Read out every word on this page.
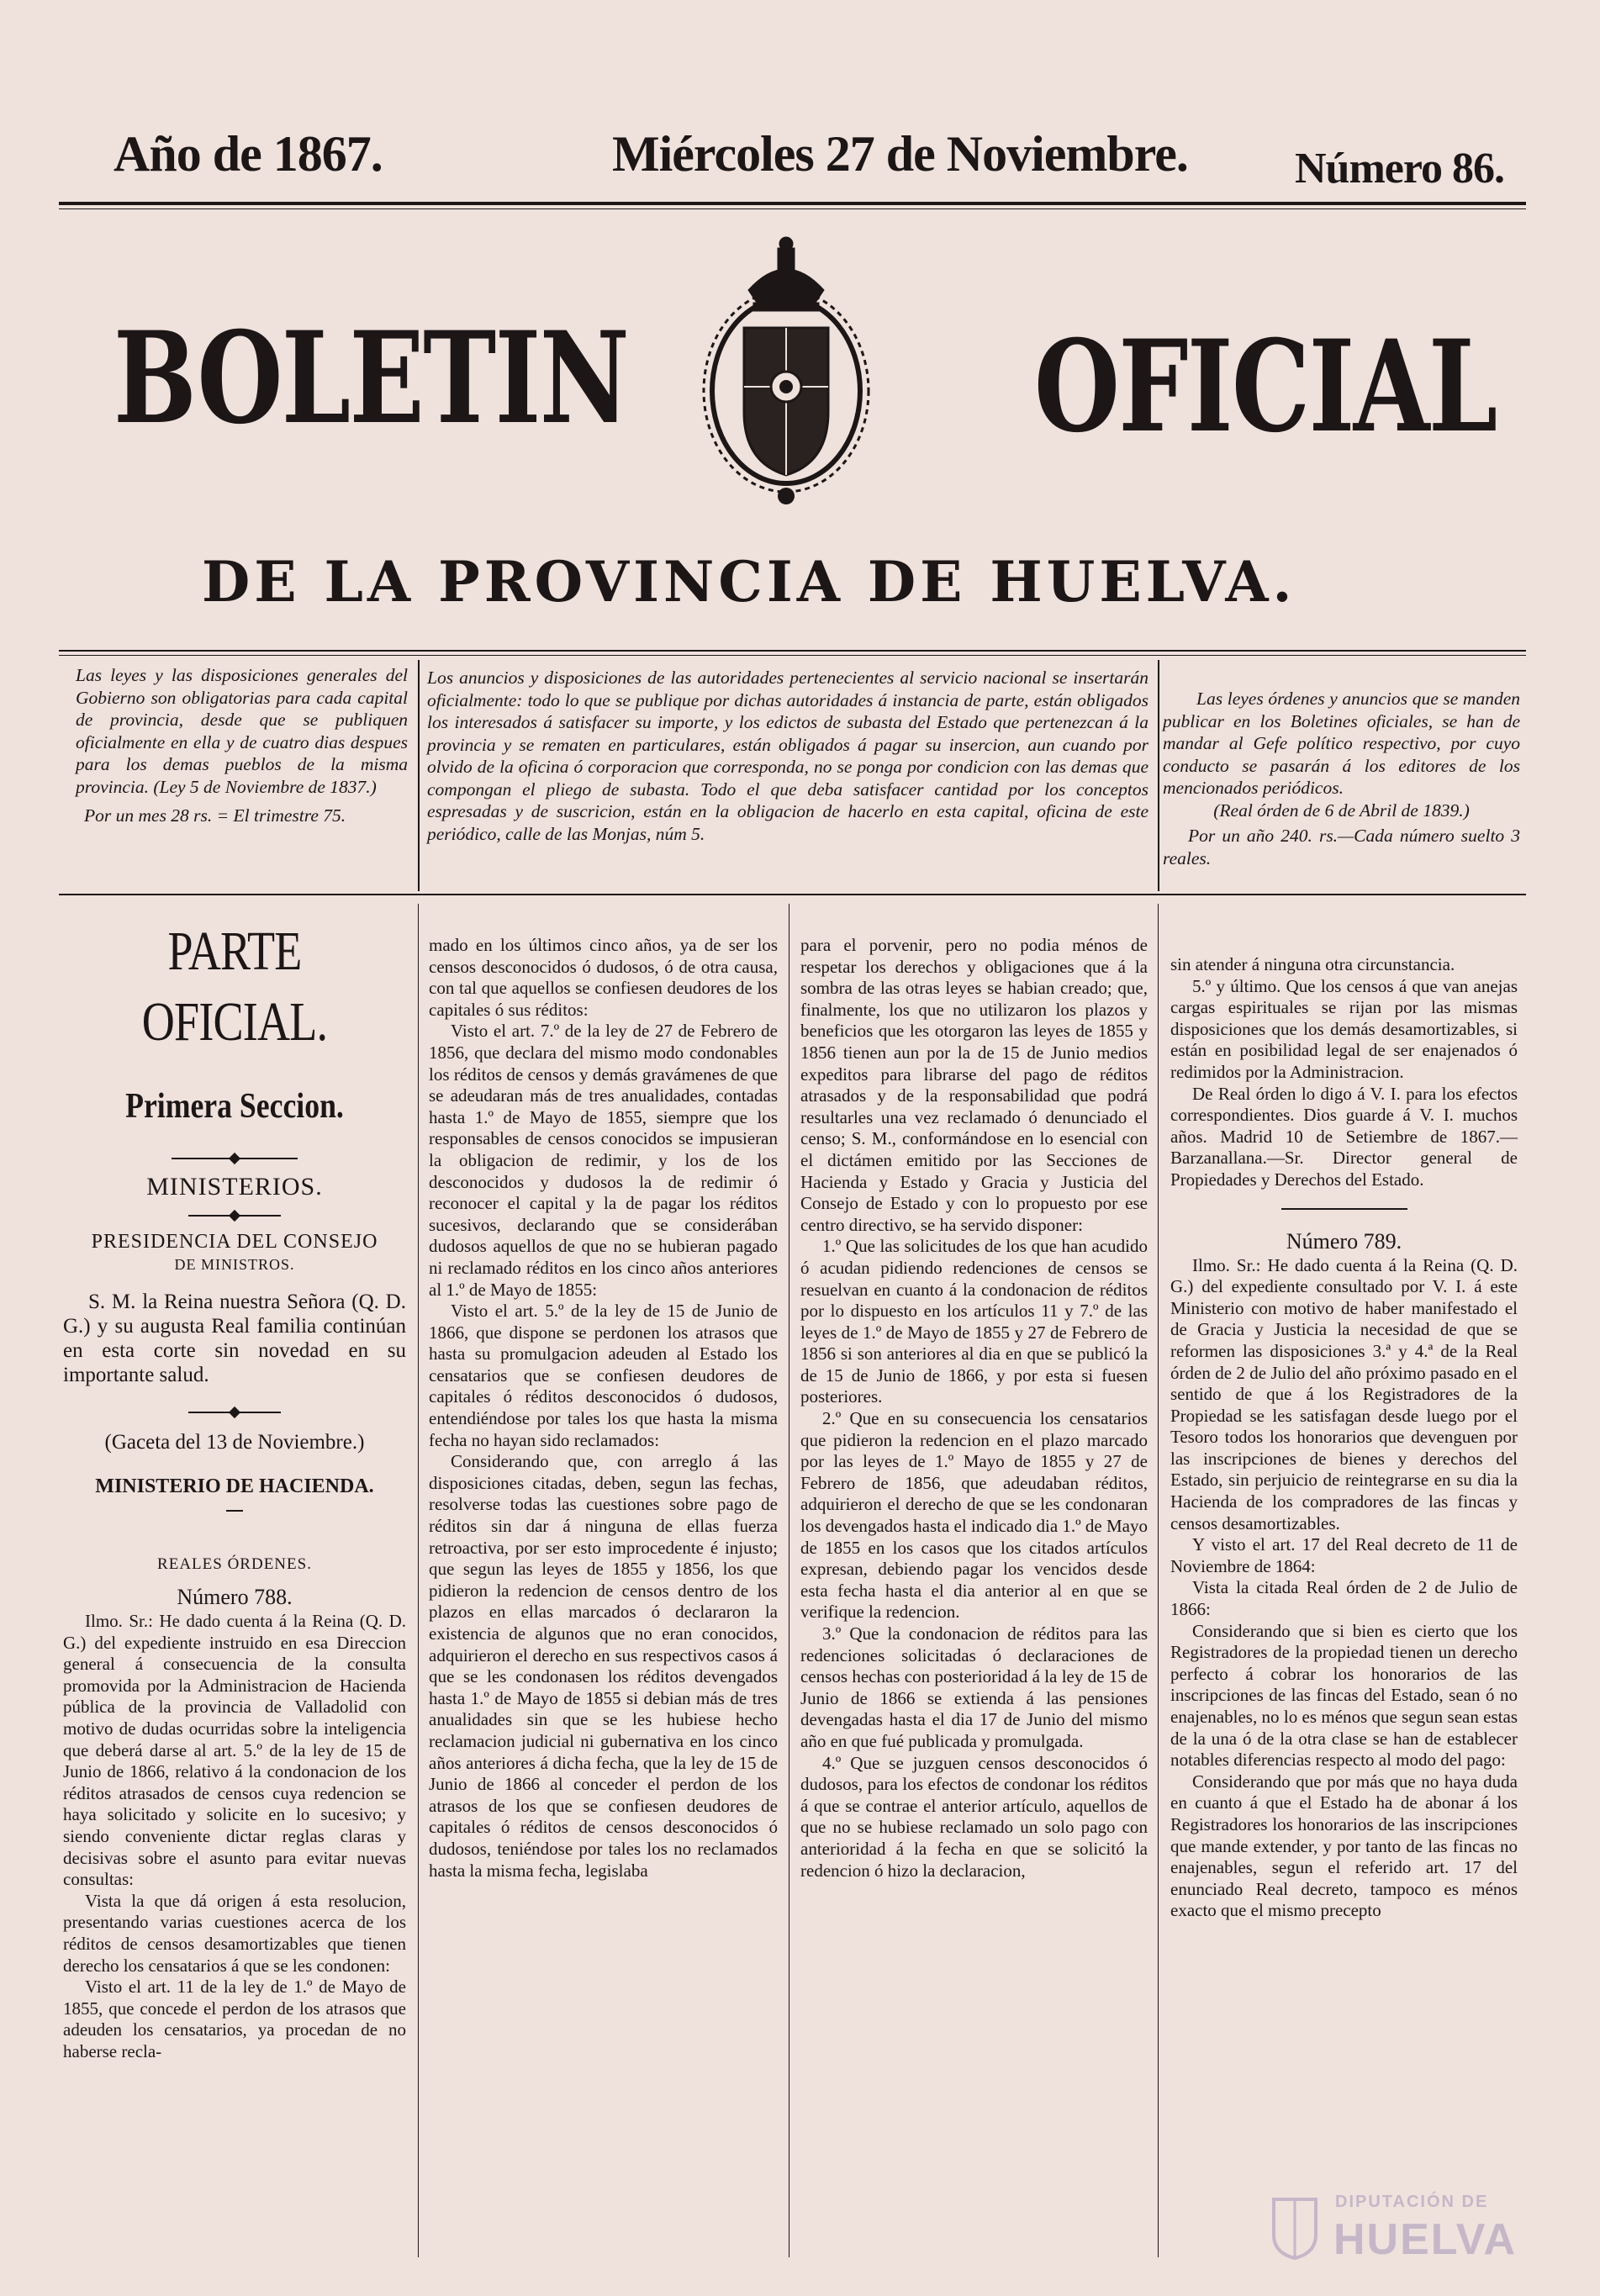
Año de 1867.	Miércoles 27 de Noviembre. Número 86.
BOLETIN	OFICIAL
DE LA PROVINCIA DE HUELVA.
Las leyes y las disposiciones generales del Gobierno son obligatorias para cada capital de provincia, desde que se publiquen oficialmente en ella y de cuatro dias despues para los demas pueblos de la misma provincia. (Ley 5 de Noviembre de 1837.)
Por un mes 28 rs. = El trimestre 75.
Los anuncios y disposiciones de las autoridades pertenecientes al servicio nacional se insertarán oficialmente: todo lo que se publique por dichas autoridades á instancia de parte, están obligados los interesados á satisfacer su importe, y los edictos de subasta del Estado que pertenezcan á la provincia y se rematen en particulares, están obligados á pagar su insercion, aun cuando por olvido de la oficina ó corporacion que corresponda, no se ponga por condicion con las demas que compongan el pliego de subasta. Todo el que deba satisfacer cantidad por los conceptos espresadas y de suscricion, están en la obligacion de hacerlo en esta capital, oficina de este periódico, calle de las Monjas, núm 5.
Las leyes órdenes y anuncios que se manden publicar en los Boletines oficiales, se han de mandar al Gefe político respectivo, por cuyo conducto se pasarán á los editores de los mencionados periódicos.
(Real órden de 6 de Abril de 1839.)
Por un año 240. rs.—Cada número suelto 3 reales.
PARTE OFICIAL.
Primera Seccion.
MINISTERIOS.
PRESIDENCIA DEL CONSEJO
DE MINISTROS.
S. M. la Reina nuestra Señora (Q. D. G.) y su augusta Real familia continúan en esta corte sin novedad en su importante salud.
(Gaceta del 13 de Noviembre.)
MINISTERIO DE HACIENDA.
REALES ÓRDENES.
Número 788.

Ilmo. Sr.: He dado cuenta á la Reina (Q. D. G.) del expediente instruido en esa Direccion general á consecuencia de la consulta promovida por la Administracion de Hacienda pública de la provincia de Valladolid con motivo de dudas ocurridas sobre la inteligencia que deberá darse al art. 5.º de la ley de 15 de Junio de 1866, relativo á la condonacion de los réditos atrasados de censos cuya redencion se haya solicitado y solicite en lo sucesivo; y siendo conveniente dictar reglas claras y decisivas sobre el asunto para evitar nuevas consultas:

Vista la que dá origen á esta resolucion, presentando varias cuestiones acerca de los réditos de censos desamortizables que tienen derecho los censatarios á que se les condonen:

Visto el art. 11 de la ley de 1.º de Mayo de 1855, que concede el perdon de los atrasos que adeuden los censatarios, ya procedan de no haberse recla-

mado en los últimos cinco años, ya de ser los censos desconocidos ó dudosos, ó de otra causa, con tal que aquellos se confiesen deudores de los capitales ó sus réditos:

Visto el art. 7.º de la ley de 27 de Febrero de 1856, que declara del mismo modo condonables los réditos de censos y demás gravámenes de que se adeudaran más de tres anualidades, contadas hasta 1.º de Mayo de 1855, siempre que los responsables de censos conocidos se impusieran la obligacion de redimir, y los de los desconocidos y dudosos la de redimir ó reconocer el capital y la de pagar los réditos sucesivos, declarando que se considerában dudosos aquellos de que no se hubieran pagado ni reclamado réditos en los cinco años anteriores al 1.º de Mayo de 1855:

Visto el art. 5.º de la ley de 15 de Junio de 1866, que dispone se perdonen los atrasos que hasta su promulgacion adeuden al Estado los censatarios que se confiesen deudores de capitales ó réditos desconocidos ó dudosos, entendiéndose por tales los que hasta la misma fecha no hayan sido reclamados:

Considerando que, con arreglo á las disposiciones citadas, deben, segun las fechas, resolverse todas las cuestiones sobre pago de réditos sin dar á ninguna de ellas fuerza retroactiva, por ser esto improcedente é injusto; que segun las leyes de 1855 y 1856, los que pidieron la redencion de censos dentro de los plazos en ellas marcados ó declararon la existencia de algunos que no eran conocidos, adquirieron el derecho en sus respectivos casos á que se les condonasen los réditos devengados hasta 1.º de Mayo de 1855 si debian más de tres anualidades sin que se les hubiese hecho reclamacion judicial ni gubernativa en los cinco años anteriores á dicha fecha, que la ley de 15 de Junio de 1866 al conceder el perdon de los atrasos de los que se confiesen deudores de capitales ó réditos de censos desconocidos ó dudosos, teniéndose por tales los no reclamados hasta la misma fecha, legislaba

para el porvenir, pero no podia ménos de respetar los derechos y obligaciones que á la sombra de las otras leyes se habian creado; que, finalmente, los que no utilizaron los plazos y beneficios que les otorgaron las leyes de 1855 y 1856 tienen aun por la de 15 de Junio medios expeditos para librarse del pago de réditos atrasados y de la responsabilidad que podrá resultarles una vez reclamado ó denunciado el censo; S. M., conformándose en lo esencial con el dictámen emitido por las Secciones de Hacienda y Estado y Gracia y Justicia del Consejo de Estado y con lo propuesto por ese centro directivo, se ha servido disponer:

1.º Que las solicitudes de los que han acudido ó acudan pidiendo redenciones de censos se resuelvan en cuanto á la condonacion de réditos por lo dispuesto en los artículos 11 y 7.º de las leyes de 1.º de Mayo de 1855 y 27 de Febrero de 1856 si son anteriores al dia en que se publicó la de 15 de Junio de 1866, y por esta si fuesen posteriores.

2.º Que en su consecuencia los censatarios que pidieron la redencion en el plazo marcado por las leyes de 1.º Mayo de 1855 y 27 de Febrero de 1856, que adeudaban réditos, adquirieron el derecho de que se les condonaran los devengados hasta el indicado dia 1.º de Mayo de 1855 en los casos que los citados artículos expresan, debiendo pagar los vencidos desde esta fecha hasta el dia anterior al en que se verifique la redencion.

3.º Que la condonacion de réditos para las redenciones solicitadas ó declaraciones de censos hechas con posterioridad á la ley de 15 de Junio de 1866 se extienda á las pensiones devengadas hasta el dia 17 de Junio del mismo año en que fué publicada y promulgada.

4.º Que se juzguen censos desconocidos ó dudosos, para los efectos de condonar los réditos á que se contrae el anterior artículo, aquellos de que no se hubiese reclamado un solo pago con anterioridad á la fecha en que se solicitó la redencion ó hizo la declaracion,

sin atender á ninguna otra circunstancia.

5.º y último. Que los censos á que van anejas cargas espirituales se rijan por las mismas disposiciones que los demás desamortizables, si están en posibilidad legal de ser enajenados ó redimidos por la Administracion.

De Real órden lo digo á V. I. para los efectos correspondientes. Dios guarde á V. I. muchos años. Madrid 10 de Setiembre de 1867.—Barzanallana.—Sr. Director general de Propiedades y Derechos del Estado.

Número 789.

Ilmo. Sr.: He dado cuenta á la Reina (Q. D. G.) del expediente consultado por V. I. á este Ministerio con motivo de haber manifestado el de Gracia y Justicia la necesidad de que se reformen las disposiciones 3.ª y 4.ª de la Real órden de 2 de Julio del año próximo pasado en el sentido de que á los Registradores de la Propiedad se les satisfagan desde luego por el Tesoro todos los honorarios que devenguen por las inscripciones de bienes y derechos del Estado, sin perjuicio de reintegrarse en su dia la Hacienda de los compradores de las fincas y censos desamortizables.

Y visto el art. 17 del Real decreto de 11 de Noviembre de 1864:

Vista la citada Real órden de 2 de Julio de 1866:

Considerando que si bien es cierto que los Registradores de la propiedad tienen un derecho perfecto á cobrar los honorarios de las inscripciones de las fincas del Estado, sean ó no enajenables, no lo es ménos que segun sean estas de la una ó de la otra clase se han de establecer notables diferencias respecto al modo del pago:

Considerando que por más que no haya duda en cuanto á que el Estado ha de abonar á los Registradores los honorarios de las inscripciones que mande extender, y por tanto de las fincas no enajenables, segun el referido art. 17 del enunciado Real decreto, tampoco es ménos exacto que el mismo precepto

DIPUTACIÓN DE
HUELVA
